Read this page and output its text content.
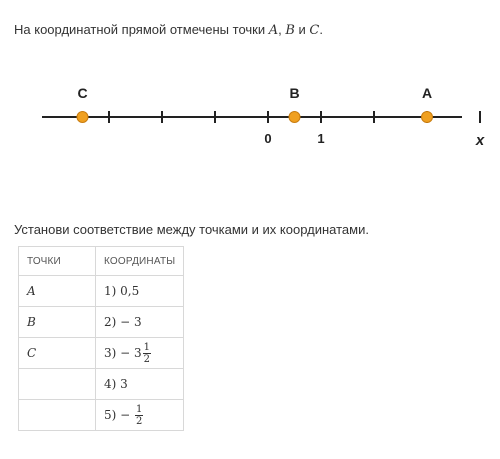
На координатной прямой отмечены точки A, B и C.
0	1
C	B	A
x
Установи соответствие между точками и их координатами.
ТОЧКИ	КООРДИНАТЫ
A	1) 0,5
B	2) − 3
C	$3) - 3 \frac{1}{2}$

	4) 3
	$5) - \frac{1}{2}$
